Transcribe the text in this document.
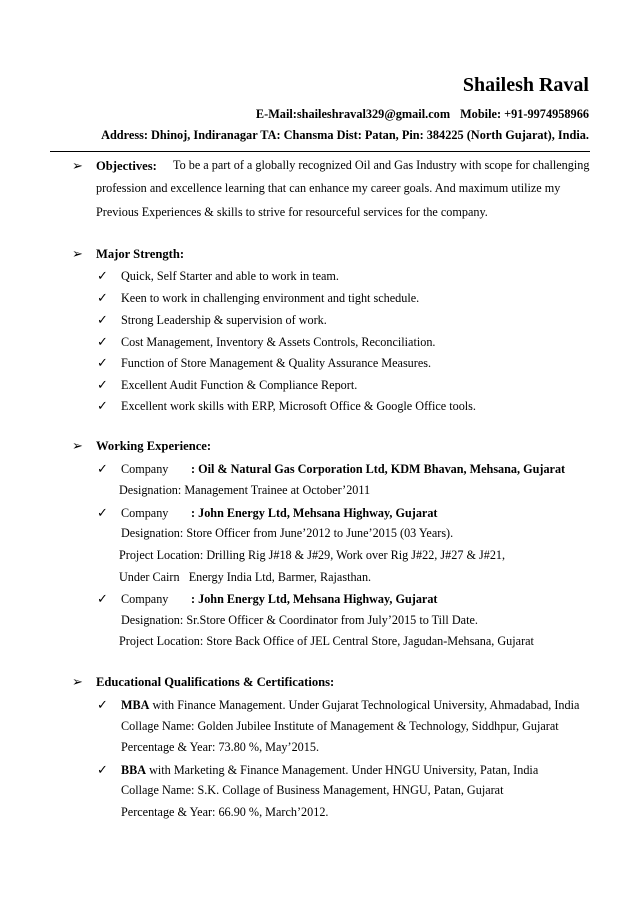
Shailesh Raval
E-Mail:shaileshraval329@gmail.com Mobile: +91-9974958966
Address: Dhinoj, Indiranagar TA: Chansma Dist: Patan, Pin: 384225 (North Gujarat), India.
➢ Objectives: To be a part of a globally recognized Oil and Gas Industry with scope for challenging
profession and excellence learning that can enhance my career goals. And maximum utilize my
Previous Experiences & skills to strive for resourceful services for the company.
➢ Major Strength:
✓ Quick, Self Starter and able to work in team.
✓ Keen to work in challenging environment and tight schedule.
✓ Strong Leadership & supervision of work.
✓ Cost Management, Inventory & Assets Controls, Reconciliation.
✓ Function of Store Management & Quality Assurance Measures.
✓ Excellent Audit Function & Compliance Report.
✓ Excellent work skills with ERP, Microsoft Office & Google Office tools.
➢ Working Experience:
✓ Company : Oil & Natural Gas Corporation Ltd, KDM Bhavan, Mehsana, Gujarat
Designation: Management Trainee at October’2011
✓ Company : John Energy Ltd, Mehsana Highway, Gujarat
Designation: Store Officer from June’2012 to June’2015 (03 Years).
Project Location: Drilling Rig J#18 & J#29, Work over Rig J#22, J#27 & J#21,
Under Cairn   Energy India Ltd, Barmer, Rajasthan.
✓ Company : John Energy Ltd, Mehsana Highway, Gujarat
Designation: Sr.Store Officer & Coordinator from July’2015 to Till Date.
Project Location: Store Back Office of JEL Central Store, Jagudan-Mehsana, Gujarat
➢ Educational Qualifications & Certifications:
✓ MBA with Finance Management. Under Gujarat Technological University, Ahmadabad, India
Collage Name: Golden Jubilee Institute of Management & Technology, Siddhpur, Gujarat
Percentage & Year: 73.80 %, May’2015.
✓ BBA with Marketing & Finance Management. Under HNGU University, Patan, India
Collage Name: S.K. Collage of Business Management, HNGU, Patan, Gujarat
Percentage & Year: 66.90 %, March’2012.
